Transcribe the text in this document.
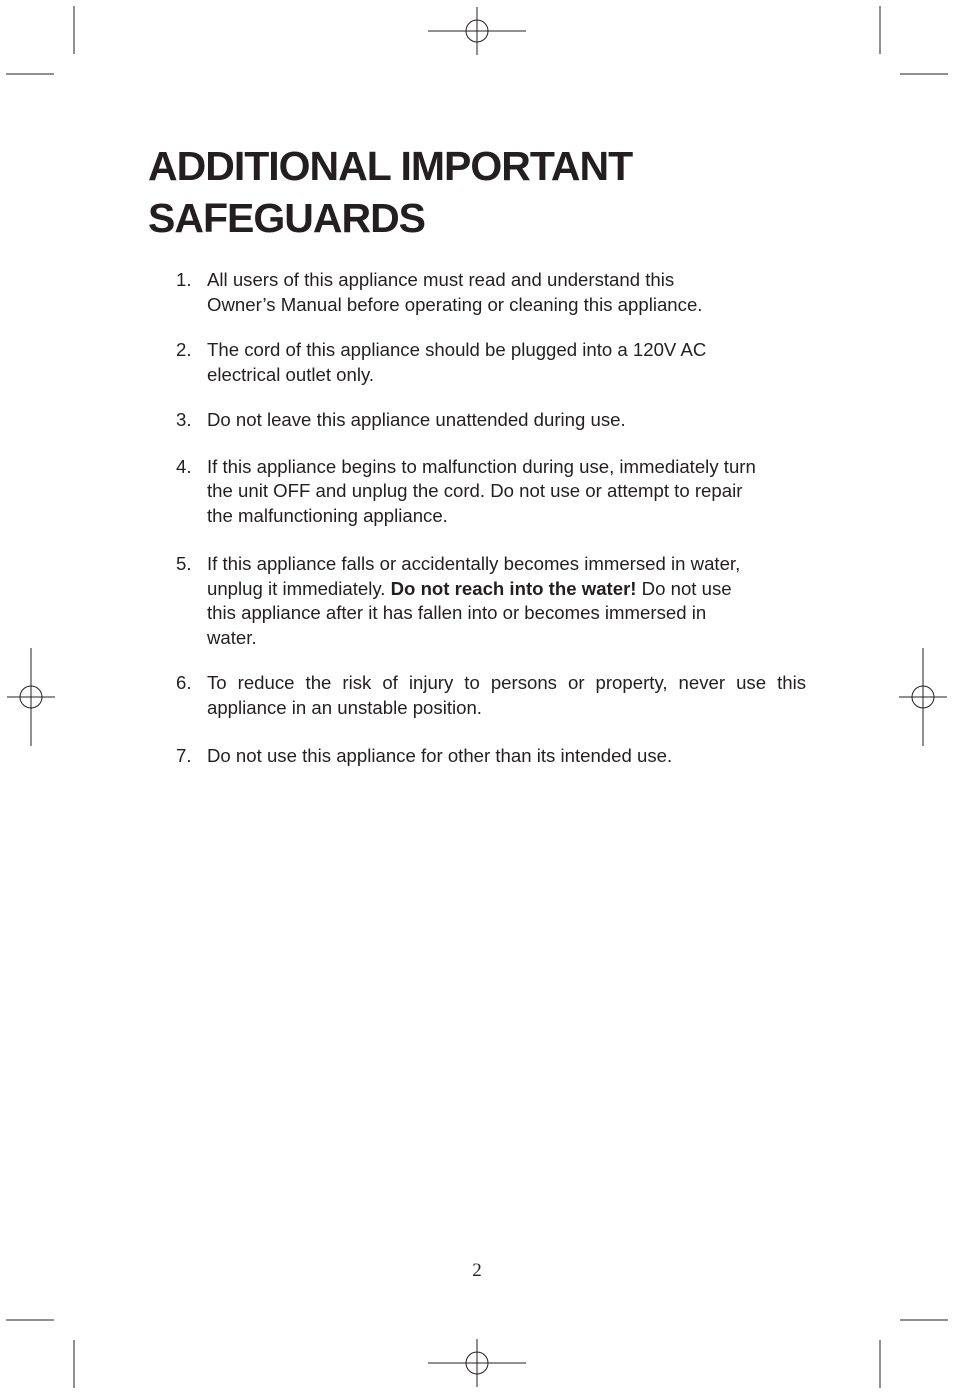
ADDITIONAL IMPORTANT
SAFEGUARDS
1. All users of this appliance must read and understand this
Owner’s Manual before operating or cleaning this appliance.
2. The cord of this appliance should be plugged into a 120V AC
electrical outlet only.
3. Do not leave this appliance unattended during use.
4. If this appliance begins to malfunction during use, immediately turn
the unit OFF and unplug the cord. Do not use or attempt to repair
the malfunctioning appliance.
5. If this appliance falls or accidentally becomes immersed in water,
unplug it immediately. Do not reach into the water! Do not use
this appliance after it has fallen into or becomes immersed in
water.
6. To reduce the risk of injury to persons or property, never use this
appliance in an unstable position.
7. Do not use this appliance for other than its intended use.
2
